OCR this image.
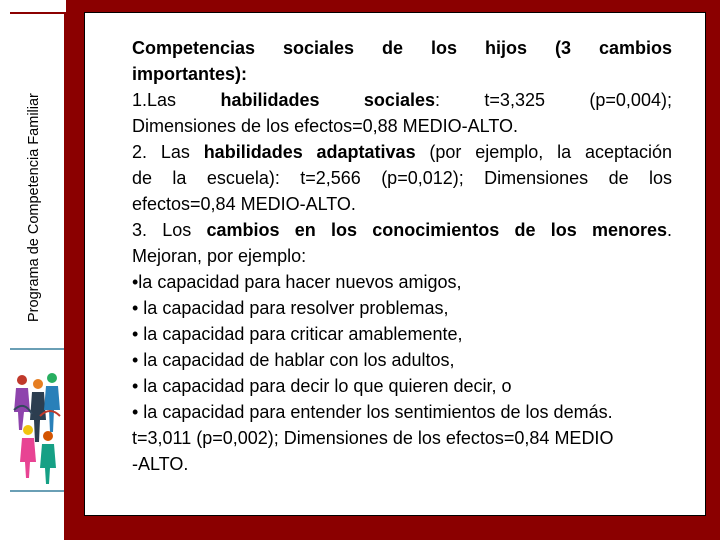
Programa de Competencia Familiar
Competencias sociales de los hijos (3 cambios
importantes):
1.Las habilidades sociales: t=3,325 (p=0,004);
Dimensiones de los efectos=0,88 MEDIO-ALTO.
2. Las habilidades adaptativas (por ejemplo, la aceptación
de la escuela): t=2,566 (p=0,012); Dimensiones de los
efectos=0,84 MEDIO-ALTO.
3. Los cambios en los conocimientos de los menores.
Mejoran, por ejemplo:
•la capacidad para hacer nuevos amigos,
• la capacidad para resolver problemas,
• la capacidad para criticar amablemente,
• la capacidad de hablar con los adultos,
• la capacidad para decir lo que quieren decir, o
• la capacidad para entender los sentimientos de los demás.
t=3,011 (p=0,002); Dimensiones de los efectos=0,84 MEDIO
-ALTO.
